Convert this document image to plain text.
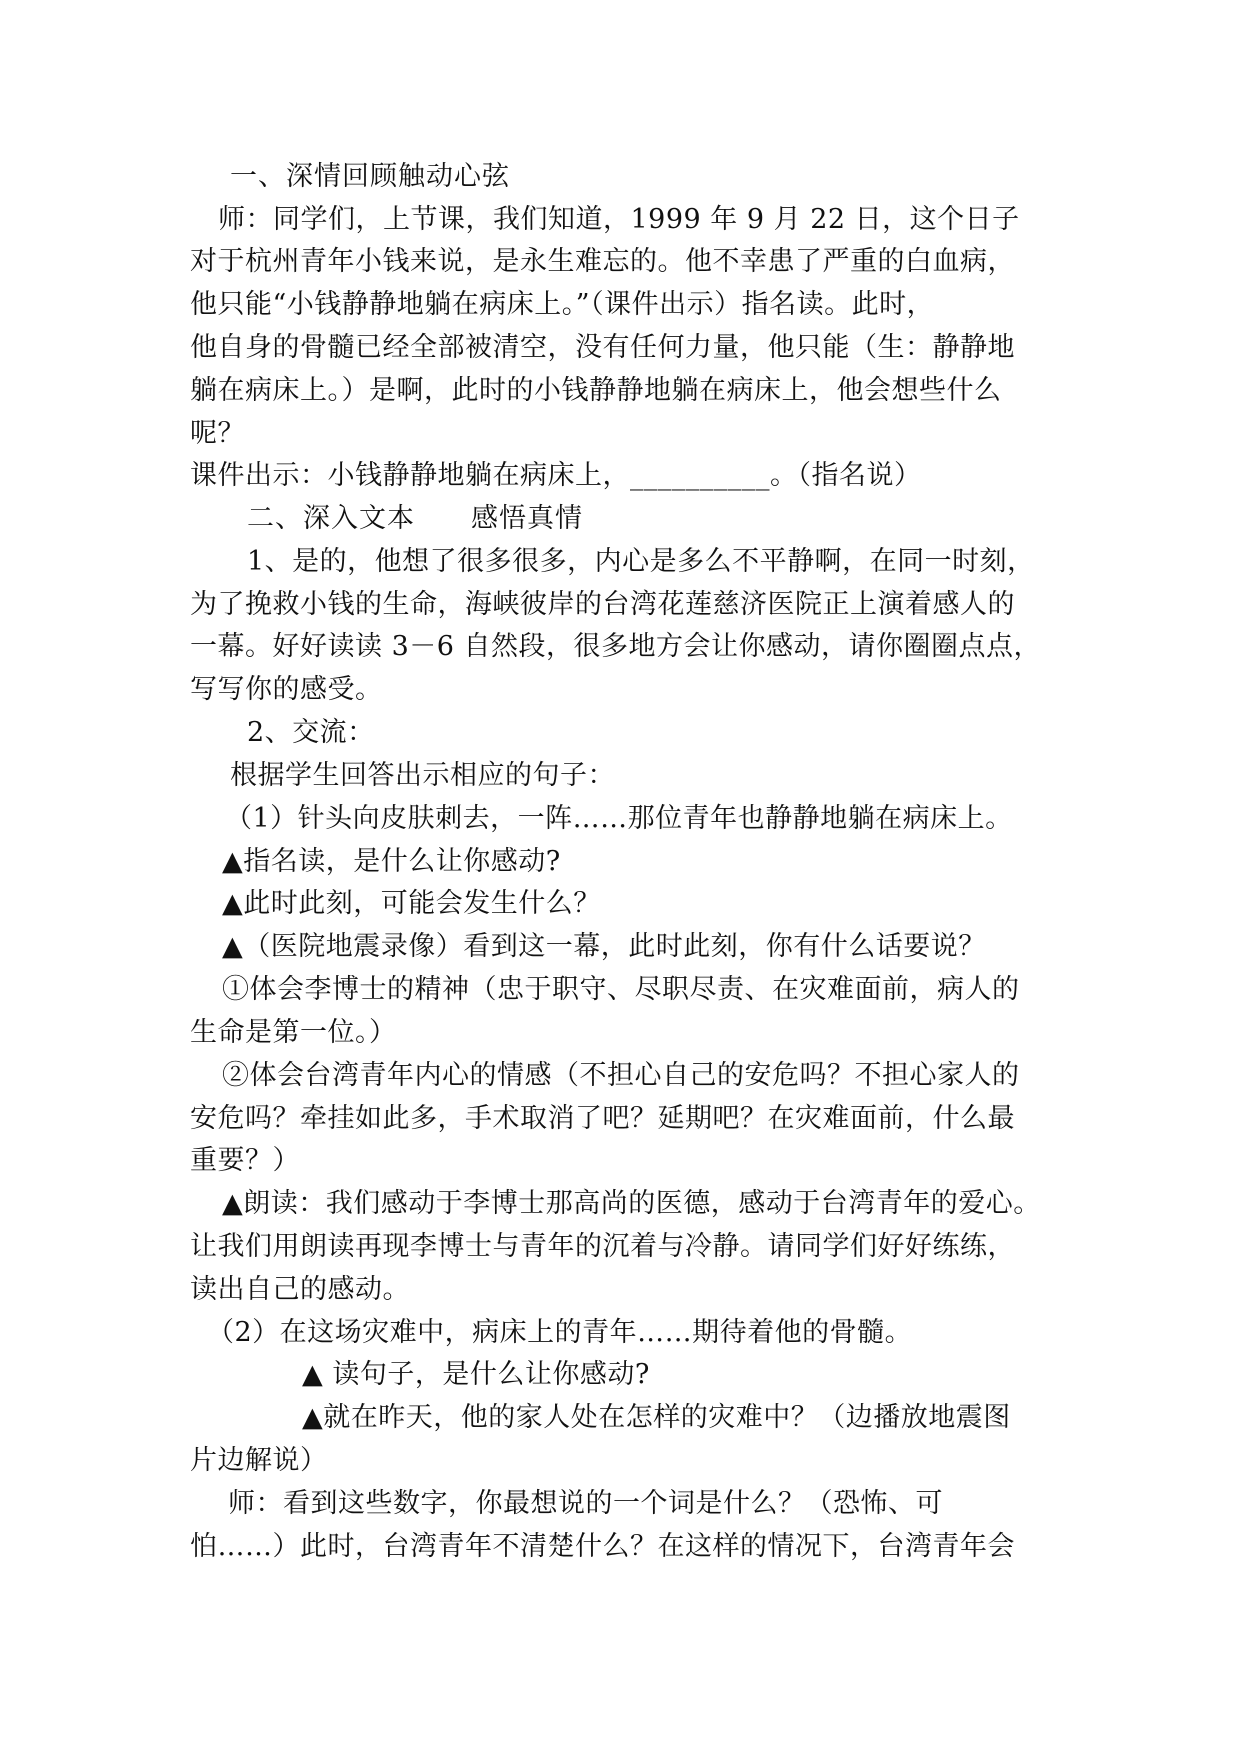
一、深情回顾触动心弦
师：同学们，上节课，我们知道，1999 年 9 月 22 日，这个日子
对于杭州青年小钱来说，是永生难忘的。他不幸患了严重的白血病，
他只能“小钱静静地躺在病床上。”（课件出示）指名读。此时，
他自身的骨髓已经全部被清空，没有任何力量，他只能（生：静静地
躺在病床上。）是啊，此时的小钱静静地躺在病床上，他会想些什么
呢？
课件出示：小钱静静地躺在病床上，__________。（指名说）
二、深入文本　　感悟真情
1、是的，他想了很多很多，内心是多么不平静啊，在同一时刻，
为了挽救小钱的生命，海峡彼岸的台湾花莲慈济医院正上演着感人的
一幕。好好读读 3－6 自然段，很多地方会让你感动，请你圈圈点点，
写写你的感受。
2、交流：
根据学生回答出示相应的句子：
（1）针头向皮肤刺去，一阵……那位青年也静静地躺在病床上。
▲指名读，是什么让你感动?
▲此时此刻，可能会发生什么？
▲（医院地震录像）看到这一幕，此时此刻，你有什么话要说？
①体会李博士的精神（忠于职守、尽职尽责、在灾难面前，病人的
生命是第一位。）
②体会台湾青年内心的情感（不担心自己的安危吗？不担心家人的
安危吗？牵挂如此多，手术取消了吧？延期吧？在灾难面前，什么最
重要？）
▲朗读：我们感动于李博士那高尚的医德，感动于台湾青年的爱心。
让我们用朗读再现李博士与青年的沉着与冷静。请同学们好好练练，
读出自己的感动。
（2）在这场灾难中，病床上的青年……期待着他的骨髓。
▲ 读句子，是什么让你感动?
▲就在昨天，他的家人处在怎样的灾难中？（边播放地震图
片边解说）
师：看到这些数字，你最想说的一个词是什么？（恐怖、可
怕……）此时，台湾青年不清楚什么？在这样的情况下，台湾青年会
